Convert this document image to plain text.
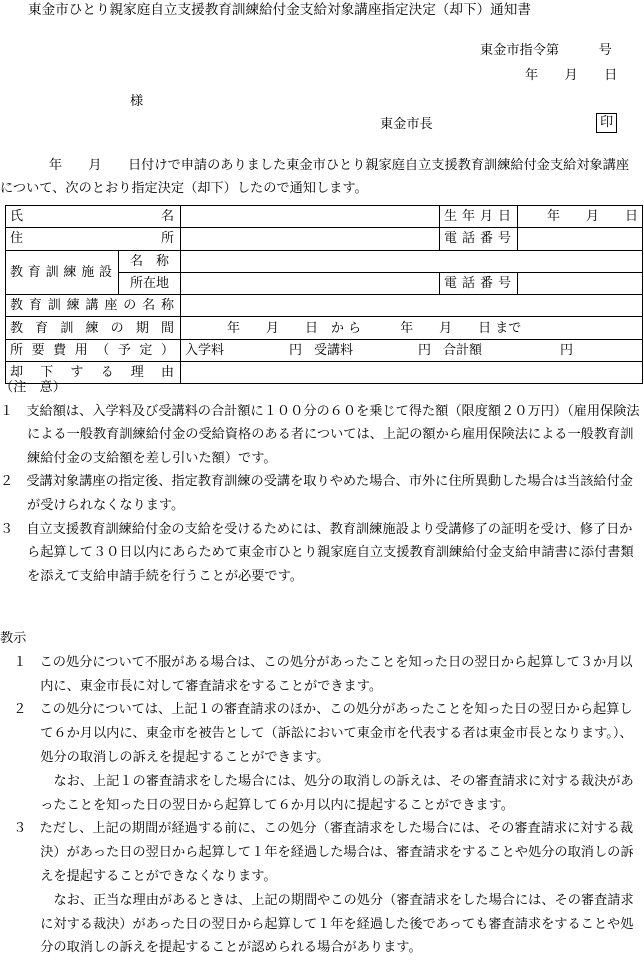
東金市ひとり親家庭自立支援教育訓練給付金支給対象講座指定決定（却下）通知書
東金市指令第　　　号
年　　月　　日
様
東金市長	印
年　　月　　日付けで申請のありました東金市ひとり親家庭自立支援教育訓練給付金支給対象講座について、次のとおり指定決定（却下）したので通知します。
氏　　名			生年月日	年　　月　　日
住　　所			電話番号	
教育訓練施設	名　称			
	所在地		電話番号	
教育訓練講座の名称				
教育訓練の期間		年　　月　　日　か ら　　　年　　月　　日 まで		
所要費用（予定）		入学料　　　　　円 受講料　　　　　円 合計額　　　　　　円		
却下する理由				
（注　意）
１　支給額は、入学料及び受講料の合計額に１００分の６０を乗じて得た額（限度額２０万円）（雇用保険法による一般教育訓練給付金の受給資格のある者については、上記の額から雇用保険法による一般教育訓練給付金の支給額を差し引いた額）です。
２　受講対象講座の指定後、指定教育訓練の受講を取りやめた場合、市外に住所異動した場合は当該給付金が受けられなくなります。
３　自立支援教育訓練給付金の支給を受けるためには、教育訓練施設より受講修了の証明を受け、修了日から起算して３０日以内にあらためて東金市ひとり親家庭自立支援教育訓練給付金支給申請書に添付書類を添えて支給申請手続を行うことが必要です。
教示
１　この処分について不服がある場合は、この処分があったことを知った日の翌日から起算して３か月以内に、東金市長に対して審査請求をすることができます。
２　この処分については、上記１の審査請求のほか、この処分があったことを知った日の翌日から起算して６か月以内に、東金市を被告として（訴訟において東金市を代表する者は東金市長となります。）、処分の取消しの訴えを提起することができます。
なお、上記１の審査請求をした場合には、処分の取消しの訴えは、その審査請求に対する裁決があったことを知った日の翌日から起算して６か月以内に提起することができます。
３　ただし、上記の期間が経過する前に、この処分（審査請求をした場合には、その審査請求に対する裁決）があった日の翌日から起算して１年を経過した場合は、審査請求をすることや処分の取消しの訴えを提起することができなくなります。
なお、正当な理由があるときは、上記の期間やこの処分（審査請求をした場合には、その審査請求に対する裁決）があった日の翌日から起算して１年を経過した後であっても審査請求をすることや処分の取消しの訴えを提起することが認められる場合があります。
